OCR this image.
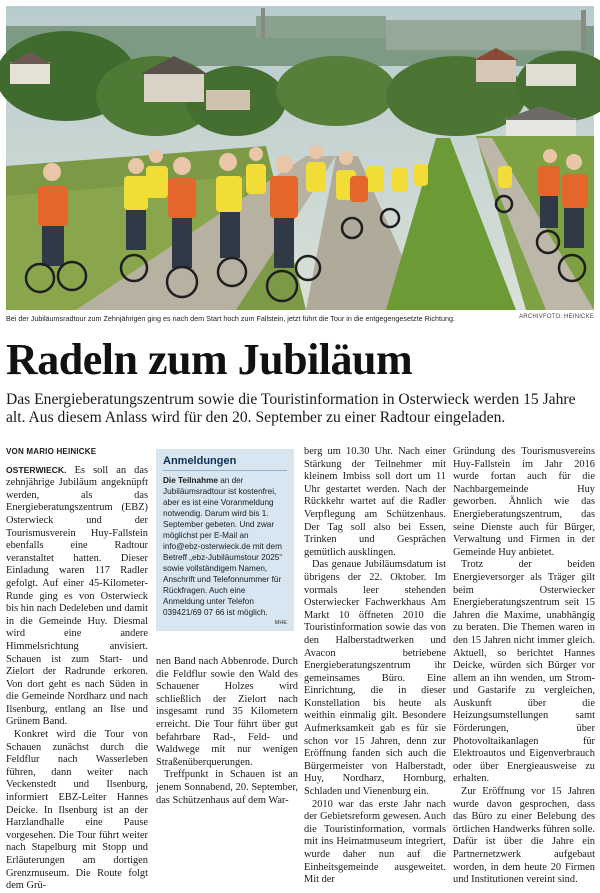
Bei der Jubiläumsradtour zum Zehnjährigen ging es nach dem Start hoch zum Fallstein, jetzt führt die Tour in die entgegengesetzte Richtung.	ARCHIVFOTO: HEINICKE
Radeln zum Jubiläum
Das Energieberatungszentrum sowie die Touristinformation in Osterwieck werden 15 Jahre alt. Aus diesem Anlass wird für den 20. September zu einer Radtour eingeladen.
VON MARIO HEINICKE

OSTERWIECK. Es soll an das zehnjährige Jubiläum angeknüpft werden, als das Energieberatungszentrum (EBZ) Osterwieck und der Tourismusverein Huy-Fallstein ebenfalls eine Radtour veranstaltet hatten. Dieser Einladung waren 117 Radler gefolgt. Auf einer 45-Kilometer-Runde ging es von Osterwieck bis hin nach Dedeleben und damit in die Gemeinde Huy. Diesmal wird eine andere Himmelsrichtung anvisiert. Schauen ist zum Start- und Zielort der Radrunde erkoren. Von dort geht es nach Süden in die Gemeinde Nordharz und nach Ilsenburg, entlang an Ilse und Grünem Band.

Konkret wird die Tour von Schauen zunächst durch die Feldflur nach Wasserleben führen, dann weiter nach Veckenstedt und Ilsenburg, informiert EBZ-Leiter Hannes Deicke. In Ilsenburg ist an der Harzlandhalle eine Pause vorgesehen. Die Tour führt weiter nach Stapelburg mit Stopp und Erläuterungen am dortigen Grenzmuseum. Die Route folgt dem Grü-

Anmeldungen
Die Teilnahme an der Jubiläumsradtour ist kostenfrei, aber es ist eine Voranmeldung notwendig. Darum wird bis 1. September gebeten. Und zwar möglichst per E-Mail an info@ebz-osterwieck.de mit dem Betreff „ebz-Jubiläumstour 2025“ sowie vollständigem Namen, Anschrift und Telefonnummer für Rückfragen. Auch eine Anmeldung unter Telefon 039421/69 07 66 ist möglich.
MHE

nen Band nach Abbenrode. Durch die Feldflur sowie den Wald des Schauener Holzes wird schließlich der Zielort nach insgesamt rund 35 Kilometern erreicht. Die Tour führt über gut befahrbare Rad-, Feld- und Waldwege mit nur wenigen Straßenüberquerungen.

Treffpunkt in Schauen ist an jenem Sonnabend, 20. September, das Schützenhaus auf dem War-

berg um 10.30 Uhr. Nach einer Stärkung der Teilnehmer mit kleinem Imbiss soll dort um 11 Uhr gestartet werden. Nach der Rückkehr wartet auf die Radler Verpflegung am Schützenhaus. Der Tag soll also bei Essen, Trinken und Gesprächen gemütlich ausklingen.

Das genaue Jubiläumsdatum ist übrigens der 22. Oktober. Im vormals leer stehenden Osterwiecker Fachwerkhaus Am Markt 10 öffneten 2010 die Touristinformation sowie das von den Halberstadtwerken und Avacon betriebene Energieberatungszentrum ihr gemeinsames Büro. Eine Einrichtung, die in dieser Konstellation bis heute als weithin einmalig gilt. Besondere Aufmerksamkeit gab es für sie schon vor 15 Jahren, denn zur Eröffnung fanden sich auch die Bürgermeister von Halberstadt, Huy, Nordharz, Hornburg, Schladen und Vienenburg ein.

2010 war das erste Jahr nach der Gebietsreform gewesen. Auch die Touristinformation, vormals mit ins Heimatmuseum integriert, wurde daher nun auf die Einheitsgemeinde ausgeweitet. Mit der

Gründung des Tourismusvereins Huy-Fallstein im Jahr 2016 wurde fortan auch für die Nachbargemeinde Huy geworben. Ähnlich wie das Energieberatungszentrum, das seine Dienste auch für Bürger, Verwaltung und Firmen in der Gemeinde Huy anbietet.

Trotz der beiden Energieversorger als Träger gilt beim Osterwiecker Energieberatungszentrum seit 15 Jahren die Maxime, unabhängig zu beraten. Die Themen waren in den 15 Jahren nicht immer gleich. Aktuell, so berichtet Hannes Deicke, würden sich Bürger vor allem an ihn wenden, um Strom- und Gastarife zu vergleichen, Auskunft über die Heizungsumstellungen samt Förderungen, über Photovoltaikanlagen für Elektroautos und Eigenverbrauch oder über Energieausweise zu erhalten.

Zur Eröffnung vor 15 Jahren wurde davon gesprochen, dass das Büro zu einer Belebung des örtlichen Handwerks führen solle. Dafür ist über die Jahre ein Partnernetzwerk aufgebaut worden, in dem heute 20 Firmen und Institutionen vereint sind.
